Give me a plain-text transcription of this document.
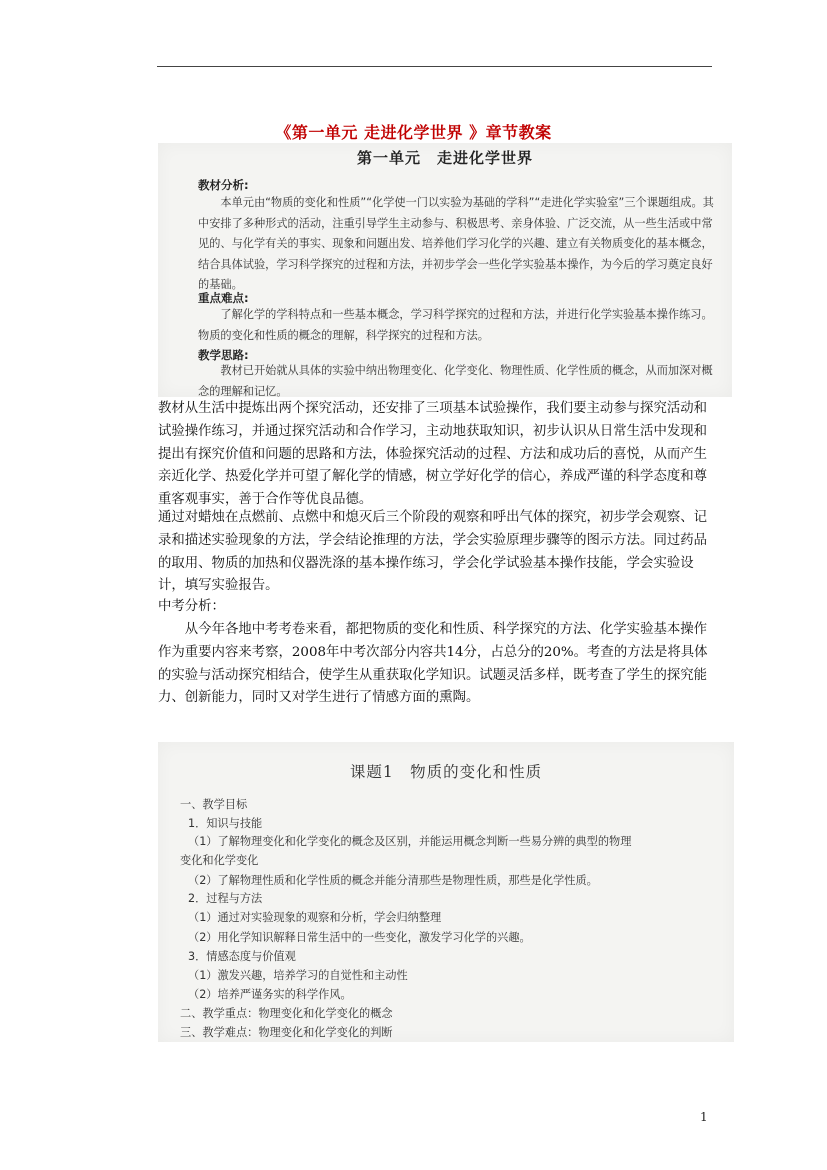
《第一单元 走进化学世界 》章节教案
第一单元　走进化学世界
教材分析:
本单元由“物质的变化和性质”“化学使一门以实验为基础的学科”“走进化学实验室”三个课题组成。其中安排了多种形式的活动，注重引导学生主动参与、积极思考、亲身体验、广泛交流，从一些生活或中常见的、与化学有关的事实、现象和问题出发、培养他们学习化学的兴趣、建立有关物质变化的基本概念，结合具体试验，学习科学探究的过程和方法，并初步学会一些化学实验基本操作，为今后的学习奠定良好的基础。
重点难点:
了解化学的学科特点和一些基本概念，学习科学探究的过程和方法，并进行化学实验基本操作练习。物质的变化和性质的概念的理解，科学探究的过程和方法。
教学思路:
教材已开始就从具体的实验中纳出物理变化、化学变化、物理性质、化学性质的概念，从而加深对概念的理解和记忆。
教材从生活中提炼出两个探究活动，还安排了三项基本试验操作，我们要主动参与探究活动和试验操作练习，并通过探究活动和合作学习，主动地获取知识，初步认识从日常生活中发现和提出有探究价值和问题的思路和方法，体验探究活动的过程、方法和成功后的喜悦，从而产生亲近化学、热爱化学并可望了解化学的情感，树立学好化学的信心，养成严谨的科学态度和尊重客观事实，善于合作等优良品德。
通过对蜡烛在点燃前、点燃中和熄灭后三个阶段的观察和呼出气体的探究，初步学会观察、记录和描述实验现象的方法，学会结论推理的方法，学会实验原理步骤等的图示方法。同过药品的取用、物质的加热和仪器洗涤的基本操作练习，学会化学试验基本操作技能，学会实验设计，填写实验报告。
中考分析：
从今年各地中考考卷来看，都把物质的变化和性质、科学探究的方法、化学实验基本操作作为重要内容来考察，2008年中考次部分内容共14分，占总分的20%。考查的方法是将具体的实验与活动探究相结合，使学生从重获取化学知识。试题灵活多样，既考查了学生的探究能力、创新能力，同时又对学生进行了情感方面的熏陶。
课题1　物质的变化和性质
一、教学目标
1．知识与技能
（1）了解物理变化和化学变化的概念及区别，并能运用概念判断一些易分辨的典型的物理
变化和化学变化
（2）了解物理性质和化学性质的概念并能分清那些是物理性质，那些是化学性质。
2．过程与方法
（1）通过对实验现象的观察和分析，学会归纳整理
（2）用化学知识解释日常生活中的一些变化，激发学习化学的兴趣。
3．情感态度与价值观
（1）激发兴趣，培养学习的自觉性和主动性
（2）培养严谨务实的科学作风。
二、教学重点：物理变化和化学变化的概念
三、教学难点：物理变化和化学变化的判断
1
